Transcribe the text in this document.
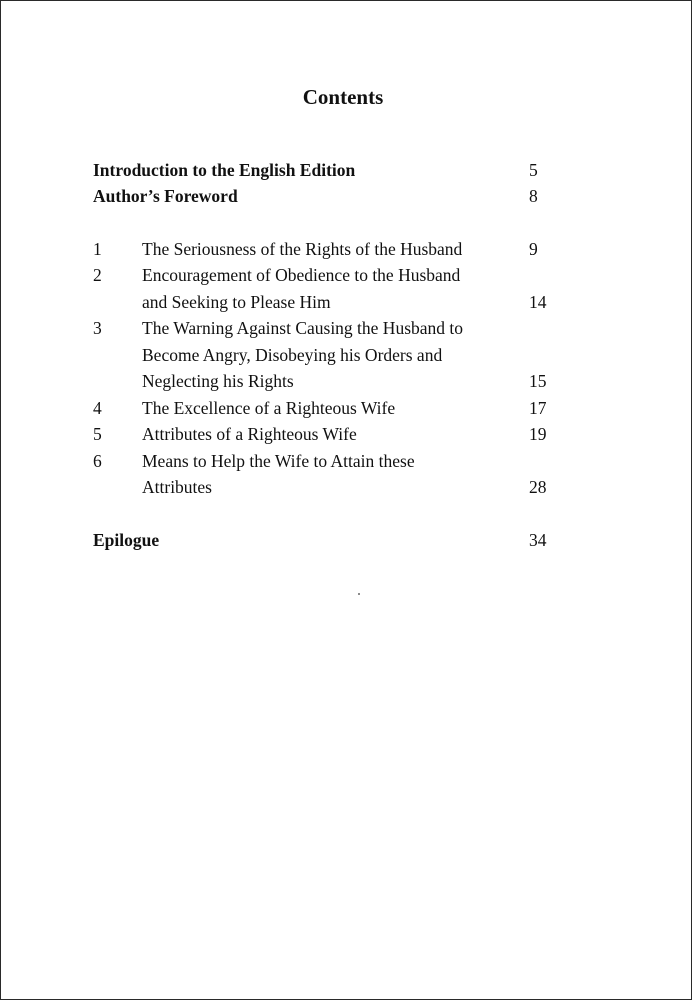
Contents
Introduction to the English Edition	5
Author’s Foreword	8
1 The Seriousness of the Rights of the Husband	9
2 Encouragement of Obedience to the Husband
and Seeking to Please Him	14
3 The Warning Against Causing the Husband to
Become Angry, Disobeying his Orders and
Neglecting his Rights	15
4 The Excellence of a Righteous Wife	17
5 Attributes of a Righteous Wife	19
6 Means to Help the Wife to Attain these
Attributes	28
Epilogue	34
